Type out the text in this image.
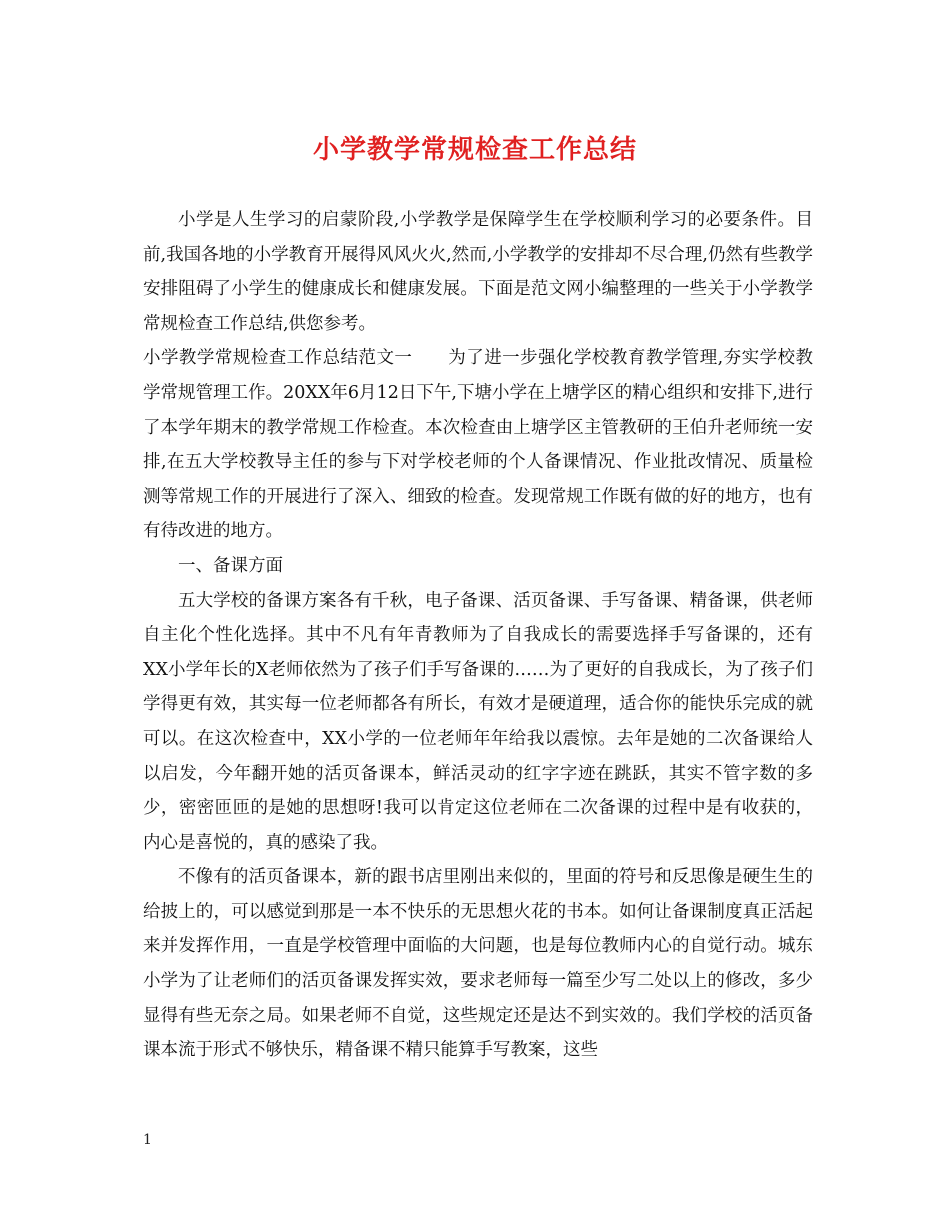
小学教学常规检查工作总结

小学是人生学习的启蒙阶段,小学教学是保障学生在学校顺利学习的必要条件。目前,我国各地的小学教育开展得风风火火,然而,小学教学的安排却不尽合理,仍然有些教学安排阻碍了小学生的健康成长和健康发展。下面是范文网小编整理的一些关于小学教学常规检查工作总结,供您参考。

小学教学常规检查工作总结范文一　　为了进一步强化学校教育教学管理,夯实学校教学常规管理工作。20XX年6月12日下午,下塘小学在上塘学区的精心组织和安排下,进行了本学年期末的教学常规工作检查。本次检查由上塘学区主管教研的王伯升老师统一安排,在五大学校教导主任的参与下对学校老师的个人备课情况、作业批改情况、质量检测等常规工作的开展进行了深入、细致的检查。发现常规工作既有做的好的地方，也有有待改进的地方。

一、备课方面

五大学校的备课方案各有千秋，电子备课、活页备课、手写备课、精备课，供老师自主化个性化选择。其中不凡有年青教师为了自我成长的需要选择手写备课的，还有XX小学年长的X老师依然为了孩子们手写备课的……为了更好的自我成长，为了孩子们学得更有效，其实每一位老师都各有所长，有效才是硬道理，适合你的能快乐完成的就可以。在这次检查中，XX小学的一位老师年年给我以震惊。去年是她的二次备课给人以启发，今年翻开她的活页备课本，鲜活灵动的红字字迹在跳跃，其实不管字数的多少，密密匝匝的是她的思想呀!我可以肯定这位老师在二次备课的过程中是有收获的，内心是喜悦的，真的感染了我。

不像有的活页备课本，新的跟书店里刚出来似的，里面的符号和反思像是硬生生的给披上的，可以感觉到那是一本不快乐的无思想火花的书本。如何让备课制度真正活起来并发挥作用，一直是学校管理中面临的大问题，也是每位教师内心的自觉行动。城东小学为了让老师们的活页备课发挥实效，要求老师每一篇至少写二处以上的修改，多少显得有些无奈之局。如果老师不自觉，这些规定还是达不到实效的。我们学校的活页备课本流于形式不够快乐，精备课不精只能算手写教案，这些

1
